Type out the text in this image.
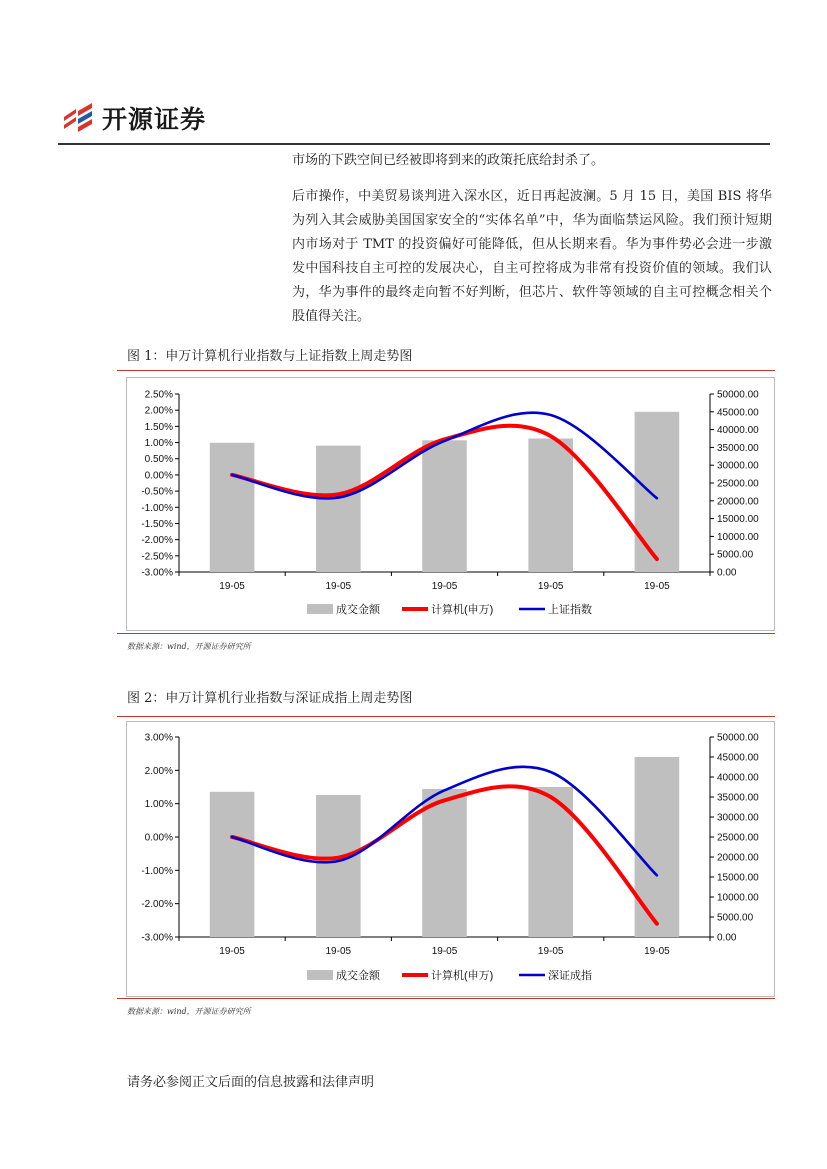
开源证券
市场的下跌空间已经被即将到来的政策托底给封杀了。
后市操作，中美贸易谈判进入深水区，近日再起波澜。5 月 15 日，美国 BIS 将华为列入其会威胁美国国家安全的“实体名单”中，华为面临禁运风险。我们预计短期内市场对于 TMT 的投资偏好可能降低，但从长期来看。华为事件势必会进一步激发中国科技自主可控的发展决心，自主可控将成为非常有投资价值的领域。我们认为，华为事件的最终走向暂不好判断，但芯片、软件等领域的自主可控概念相关个股值得关注。
图 1：申万计算机行业指数与上证指数上周走势图
2.50%
2.00%
1.50%
1.00%
0.50%
0.00%
-0.50%
-1.00%
-1.50%
-2.00%
-2.50%
-3.00%
50000.00
45000.00
40000.00
35000.00
30000.00
25000.00
20000.00
15000.00
10000.00
5000.00
0.00
19-05	19-05	19-05	19-05	19-05
成交金额	计算机(申万)	上证指数
数据来源：wind，开源证券研究所
图 2：申万计算机行业指数与深证成指上周走势图
3.00%
2.00%
1.00%
0.00%
-1.00%
-2.00%
-3.00%
50000.00
45000.00
40000.00
35000.00
30000.00
25000.00
20000.00
15000.00
10000.00
5000.00
0.00
19-05	19-05	19-05	19-05	19-05
成交金额	计算机(申万)	深证成指
数据来源：wind，开源证券研究所
请务必参阅正文后面的信息披露和法律声明
